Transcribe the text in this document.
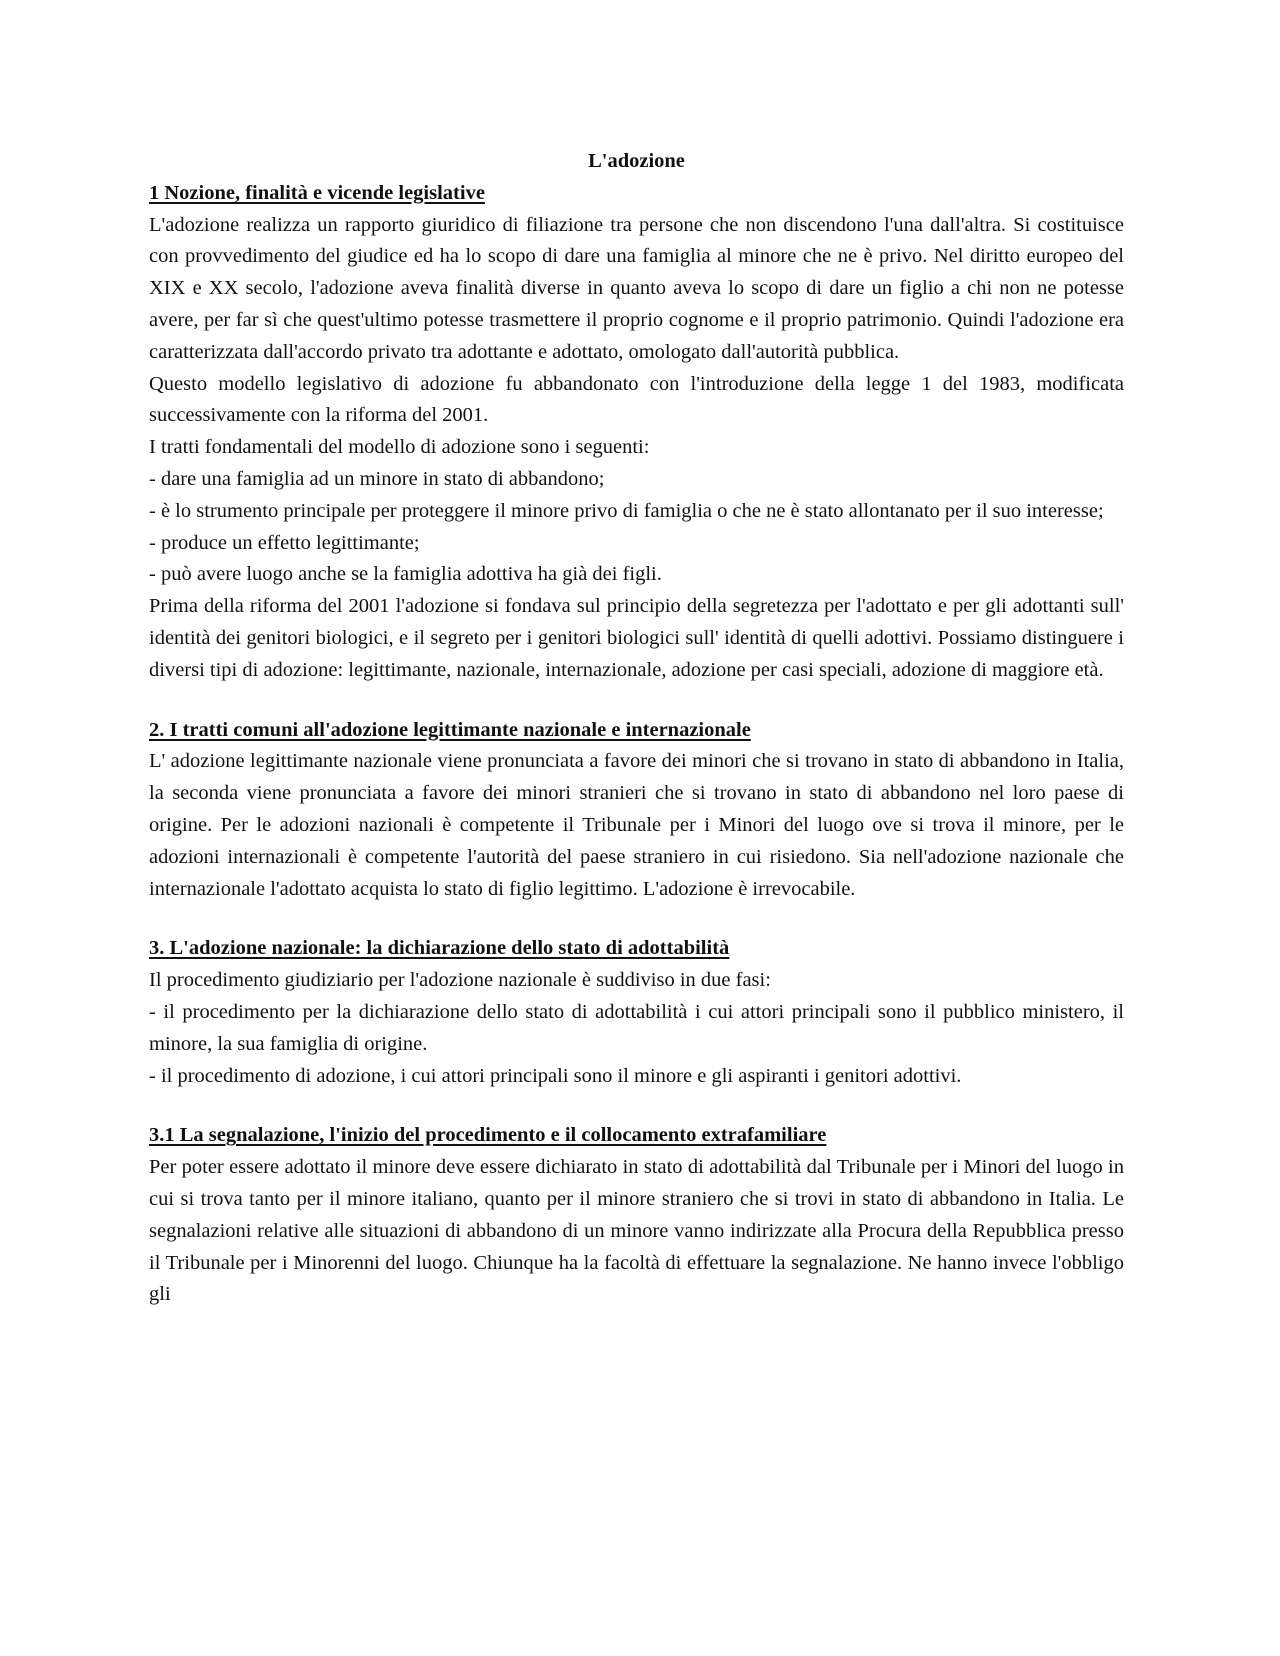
L'adozione

1 Nozione, finalità e vicende legislative

L'adozione realizza un rapporto giuridico di filiazione tra persone che non discendono l'una dall'altra. Si costituisce con provvedimento del giudice ed ha lo scopo di dare una famiglia al minore che ne è privo. Nel diritto europeo del XIX e XX secolo, l'adozione aveva finalità diverse in quanto aveva lo scopo di dare un figlio a chi non ne potesse avere, per far sì che quest'ultimo potesse trasmettere il proprio cognome e il proprio patrimonio. Quindi l'adozione era caratterizzata dall'accordo privato tra adottante e adottato, omologato dall'autorità pubblica.

Questo modello legislativo di adozione fu abbandonato con l'introduzione della legge 1 del 1983, modificata successivamente con la riforma del 2001.

I tratti fondamentali del modello di adozione sono i seguenti:

- dare una famiglia ad un minore in stato di abbandono;

- è lo strumento principale per proteggere il minore privo di famiglia o che ne è stato allontanato per il suo interesse;

- produce un effetto legittimante;

- può avere luogo anche se la famiglia adottiva ha già dei figli.

Prima della riforma del 2001 l'adozione si fondava sul principio della segretezza per l'adottato e per gli adottanti sull' identità dei genitori biologici, e il segreto per i genitori biologici sull' identità di quelli adottivi. Possiamo distinguere i diversi tipi di adozione: legittimante, nazionale, internazionale, adozione per casi speciali, adozione di maggiore età.

2. I tratti comuni all'adozione legittimante nazionale e internazionale

L' adozione legittimante nazionale viene pronunciata a favore dei minori che si trovano in stato di abbandono in Italia, la seconda viene pronunciata a favore dei minori stranieri che si trovano in stato di abbandono nel loro paese di origine. Per le adozioni nazionali è competente il Tribunale per i Minori del luogo ove si trova il minore, per le adozioni internazionali è competente l'autorità del paese straniero in cui risiedono. Sia nell'adozione nazionale che internazionale l'adottato acquista lo stato di figlio legittimo. L'adozione è irrevocabile.

3. L'adozione nazionale: la dichiarazione dello stato di adottabilità

Il procedimento giudiziario per l'adozione nazionale è suddiviso in due fasi:

- il procedimento per la dichiarazione dello stato di adottabilità i cui attori principali sono il pubblico ministero, il minore, la sua famiglia di origine.

- il procedimento di adozione, i cui attori principali sono il minore e gli aspiranti i genitori adottivi.

3.1 La segnalazione, l'inizio del procedimento e il collocamento extrafamiliare

Per poter essere adottato il minore deve essere dichiarato in stato di adottabilità dal Tribunale per i Minori del luogo in cui si trova tanto per il minore italiano, quanto per il minore straniero che si trovi in stato di abbandono in Italia. Le segnalazioni relative alle situazioni di abbandono di un minore vanno indirizzate alla Procura della Repubblica presso il Tribunale per i Minorenni del luogo. Chiunque ha la facoltà di effettuare la segnalazione. Ne hanno invece l'obbligo gli
